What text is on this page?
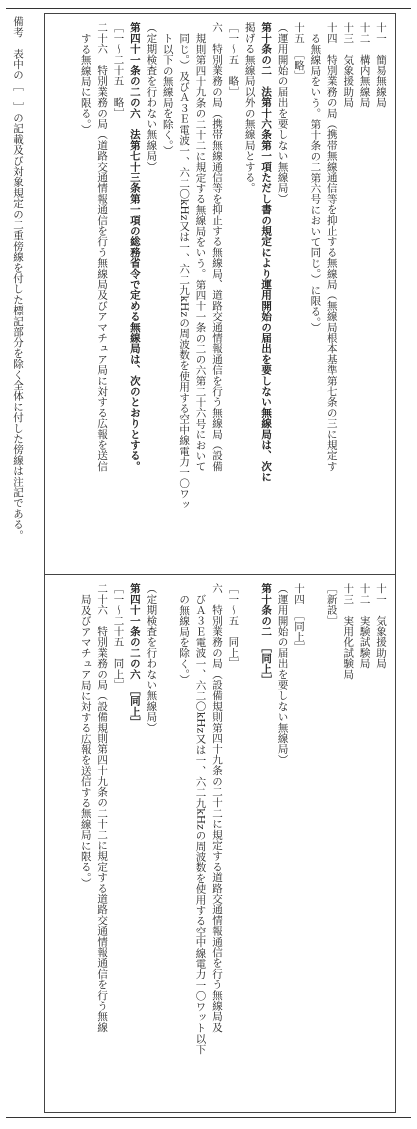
備考　表中の［　］の記載及び対象規定の二重傍線を付した標記部分を除く全体に付した傍線は注記である。	十一　簡易無線局
十二　構内無線局
十三　気象援助局
十四　特別業務の局（携帯無線通信等を抑止する無線局（無線局根本基準第七条の三に規定す
る無線局をいう。第十条の二第六号において同じ。）に限る。）
十五　［略］
（運用開始の届出を要しない無線局）
第十条の二　法第十六条第一項ただし書の規定により運用開始の届出を要しない無線局は、次に
掲げる無線局以外の無線局とする。
［一～五　略］
六　特別業務の局（携帯無線通信等を抑止する無線局、道路交通情報通信を行う無線局（設備
規則第四十九条の二十二に規定する無線局をいう。第四十一条の二の六第二十六号において
同じ。）及びＡ３Ｅ電波一、六二〇kHz又は一、六二九kHzの周波数を使用する空中線電力一〇ワッ
ト以下の無線局を除く。）
（定期検査を行わない無線局）
第四十一条の二の六　法第七十三条第一項の総務省令で定める無線局は、次のとおりとする。
［一～二十五　略］
二十六　特別業務の局（道路交通情報通信を行う無線局及びアマチュア局に対する広報を送信
する無線局に限る。）
十一　気象援助局
十二　実験試験局
十三　実用化試験局
［新設］

十四　［同上］
（運用開始の届出を要しない無線局）
第十条の二　［同上］

［一～五　同上］
六　特別業務の局（設備規則第四十九条の二十二に規定する道路交通情報通信を行う無線局及
びＡ３Ｅ電波一、六二〇kHz又は一、六二九kHzの周波数を使用する空中線電力一〇ワット以下
の無線局を除く。）

（定期検査を行わない無線局）
第四十一条の二の六　［同上］
［一～二十五　同上］
二十六　特別業務の局（設備規則第四十九条の二十二に規定する道路交通情報通信を行う無線
局及びアマチュア局に対する広報を送信する無線局に限る。）
